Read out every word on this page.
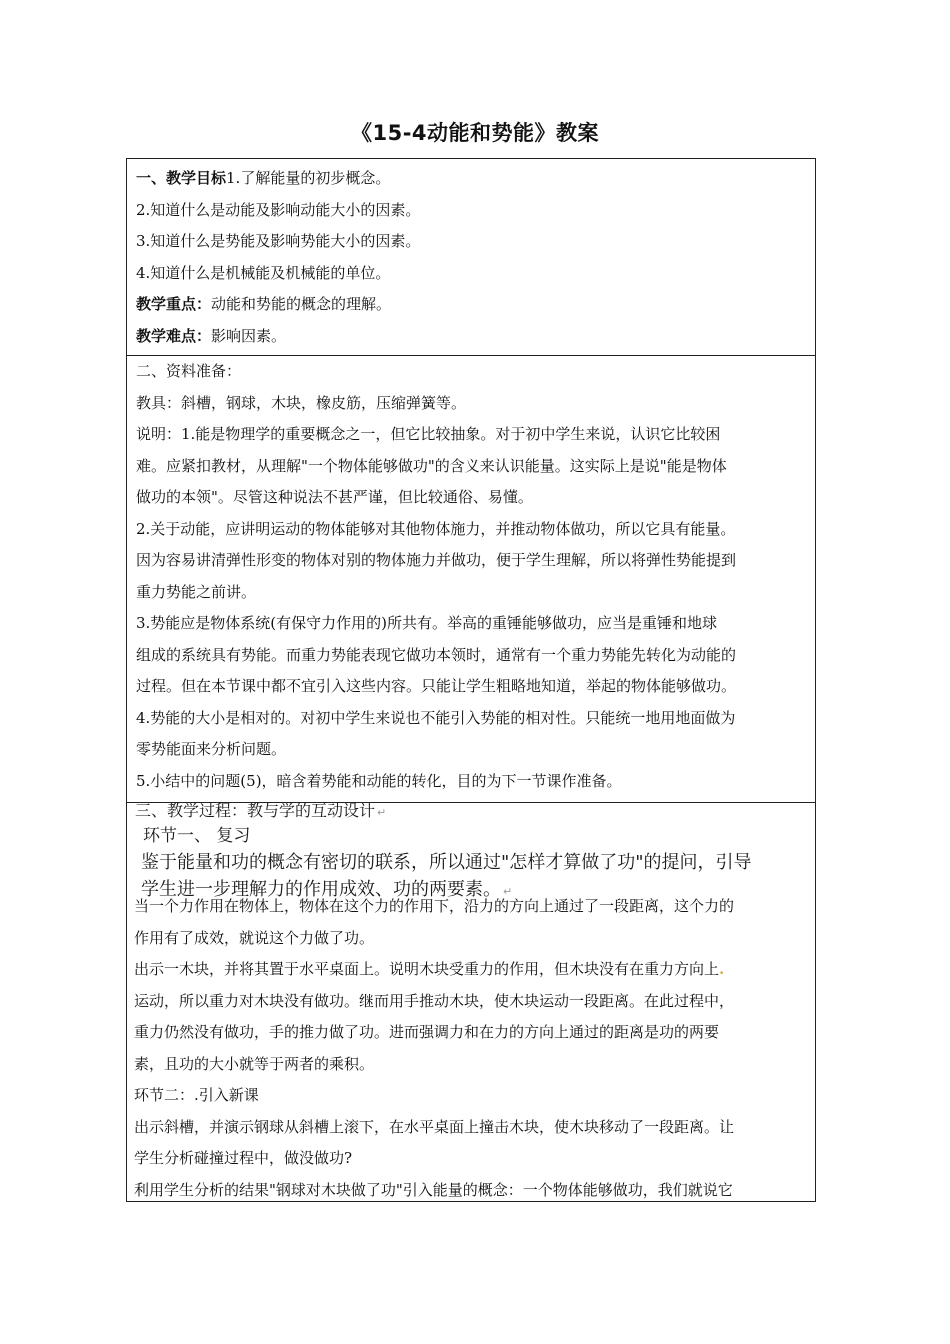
《15-4动能和势能》教案
一、教学目标1.了解能量的初步概念。
2.知道什么是动能及影响动能大小的因素。
3.知道什么是势能及影响势能大小的因素。
4.知道什么是机械能及机械能的单位。
教学重点：动能和势能的概念的理解。
教学难点：影响因素。
二、资料准备：
教具：斜槽，钢球，木块，橡皮筋，压缩弹簧等。
说明：1.能是物理学的重要概念之一，但它比较抽象。对于初中学生来说，认识它比较困
难。应紧扣教材，从理解"一个物体能够做功"的含义来认识能量。这实际上是说"能是物体
做功的本领"。尽管这种说法不甚严谨，但比较通俗、易懂。
2.关于动能，应讲明运动的物体能够对其他物体施力，并推动物体做功，所以它具有能量。
因为容易讲清弹性形变的物体对别的物体施力并做功，便于学生理解，所以将弹性势能提到
重力势能之前讲。
3.势能应是物体系统(有保守力作用的)所共有。举高的重锤能够做功，应当是重锤和地球
组成的系统具有势能。而重力势能表现它做功本领时，通常有一个重力势能先转化为动能的
过程。但在本节课中都不宜引入这些内容。只能让学生粗略地知道，举起的物体能够做功。
4.势能的大小是相对的。对初中学生来说也不能引入势能的相对性。只能统一地用地面做为
零势能面来分析问题。
5.小结中的问题(5)，暗含着势能和动能的转化，目的为下一节课作准备。
三、教学过程：教与学的互动设计 ↵
环节一、 复习
鉴于能量和功的概念有密切的联系，所以通过"怎样才算做了功"的提问，引导
学生进一步理解力的作用成效、功的两要素。 ↵
当一个力作用在物体上，物体在这个力的作用下，沿力的方向上通过了一段距离，这个力的
作用有了成效，就说这个力做了功。
出示一木块，并将其置于水平桌面上。说明木块受重力的作用，但木块没有在重力方向上.
运动，所以重力对木块没有做功。继而用手推动木块，使木块运动一段距离。在此过程中，
重力仍然没有做功，手的推力做了功。进而强调力和在力的方向上通过的距离是功的两要
素，且功的大小就等于两者的乘积。
环节二：.引入新课
出示斜槽，并演示钢球从斜槽上滚下，在水平桌面上撞击木块，使木块移动了一段距离。让
学生分析碰撞过程中，做没做功?
利用学生分析的结果"钢球对木块做了功"引入能量的概念：一个物体能够做功，我们就说它
